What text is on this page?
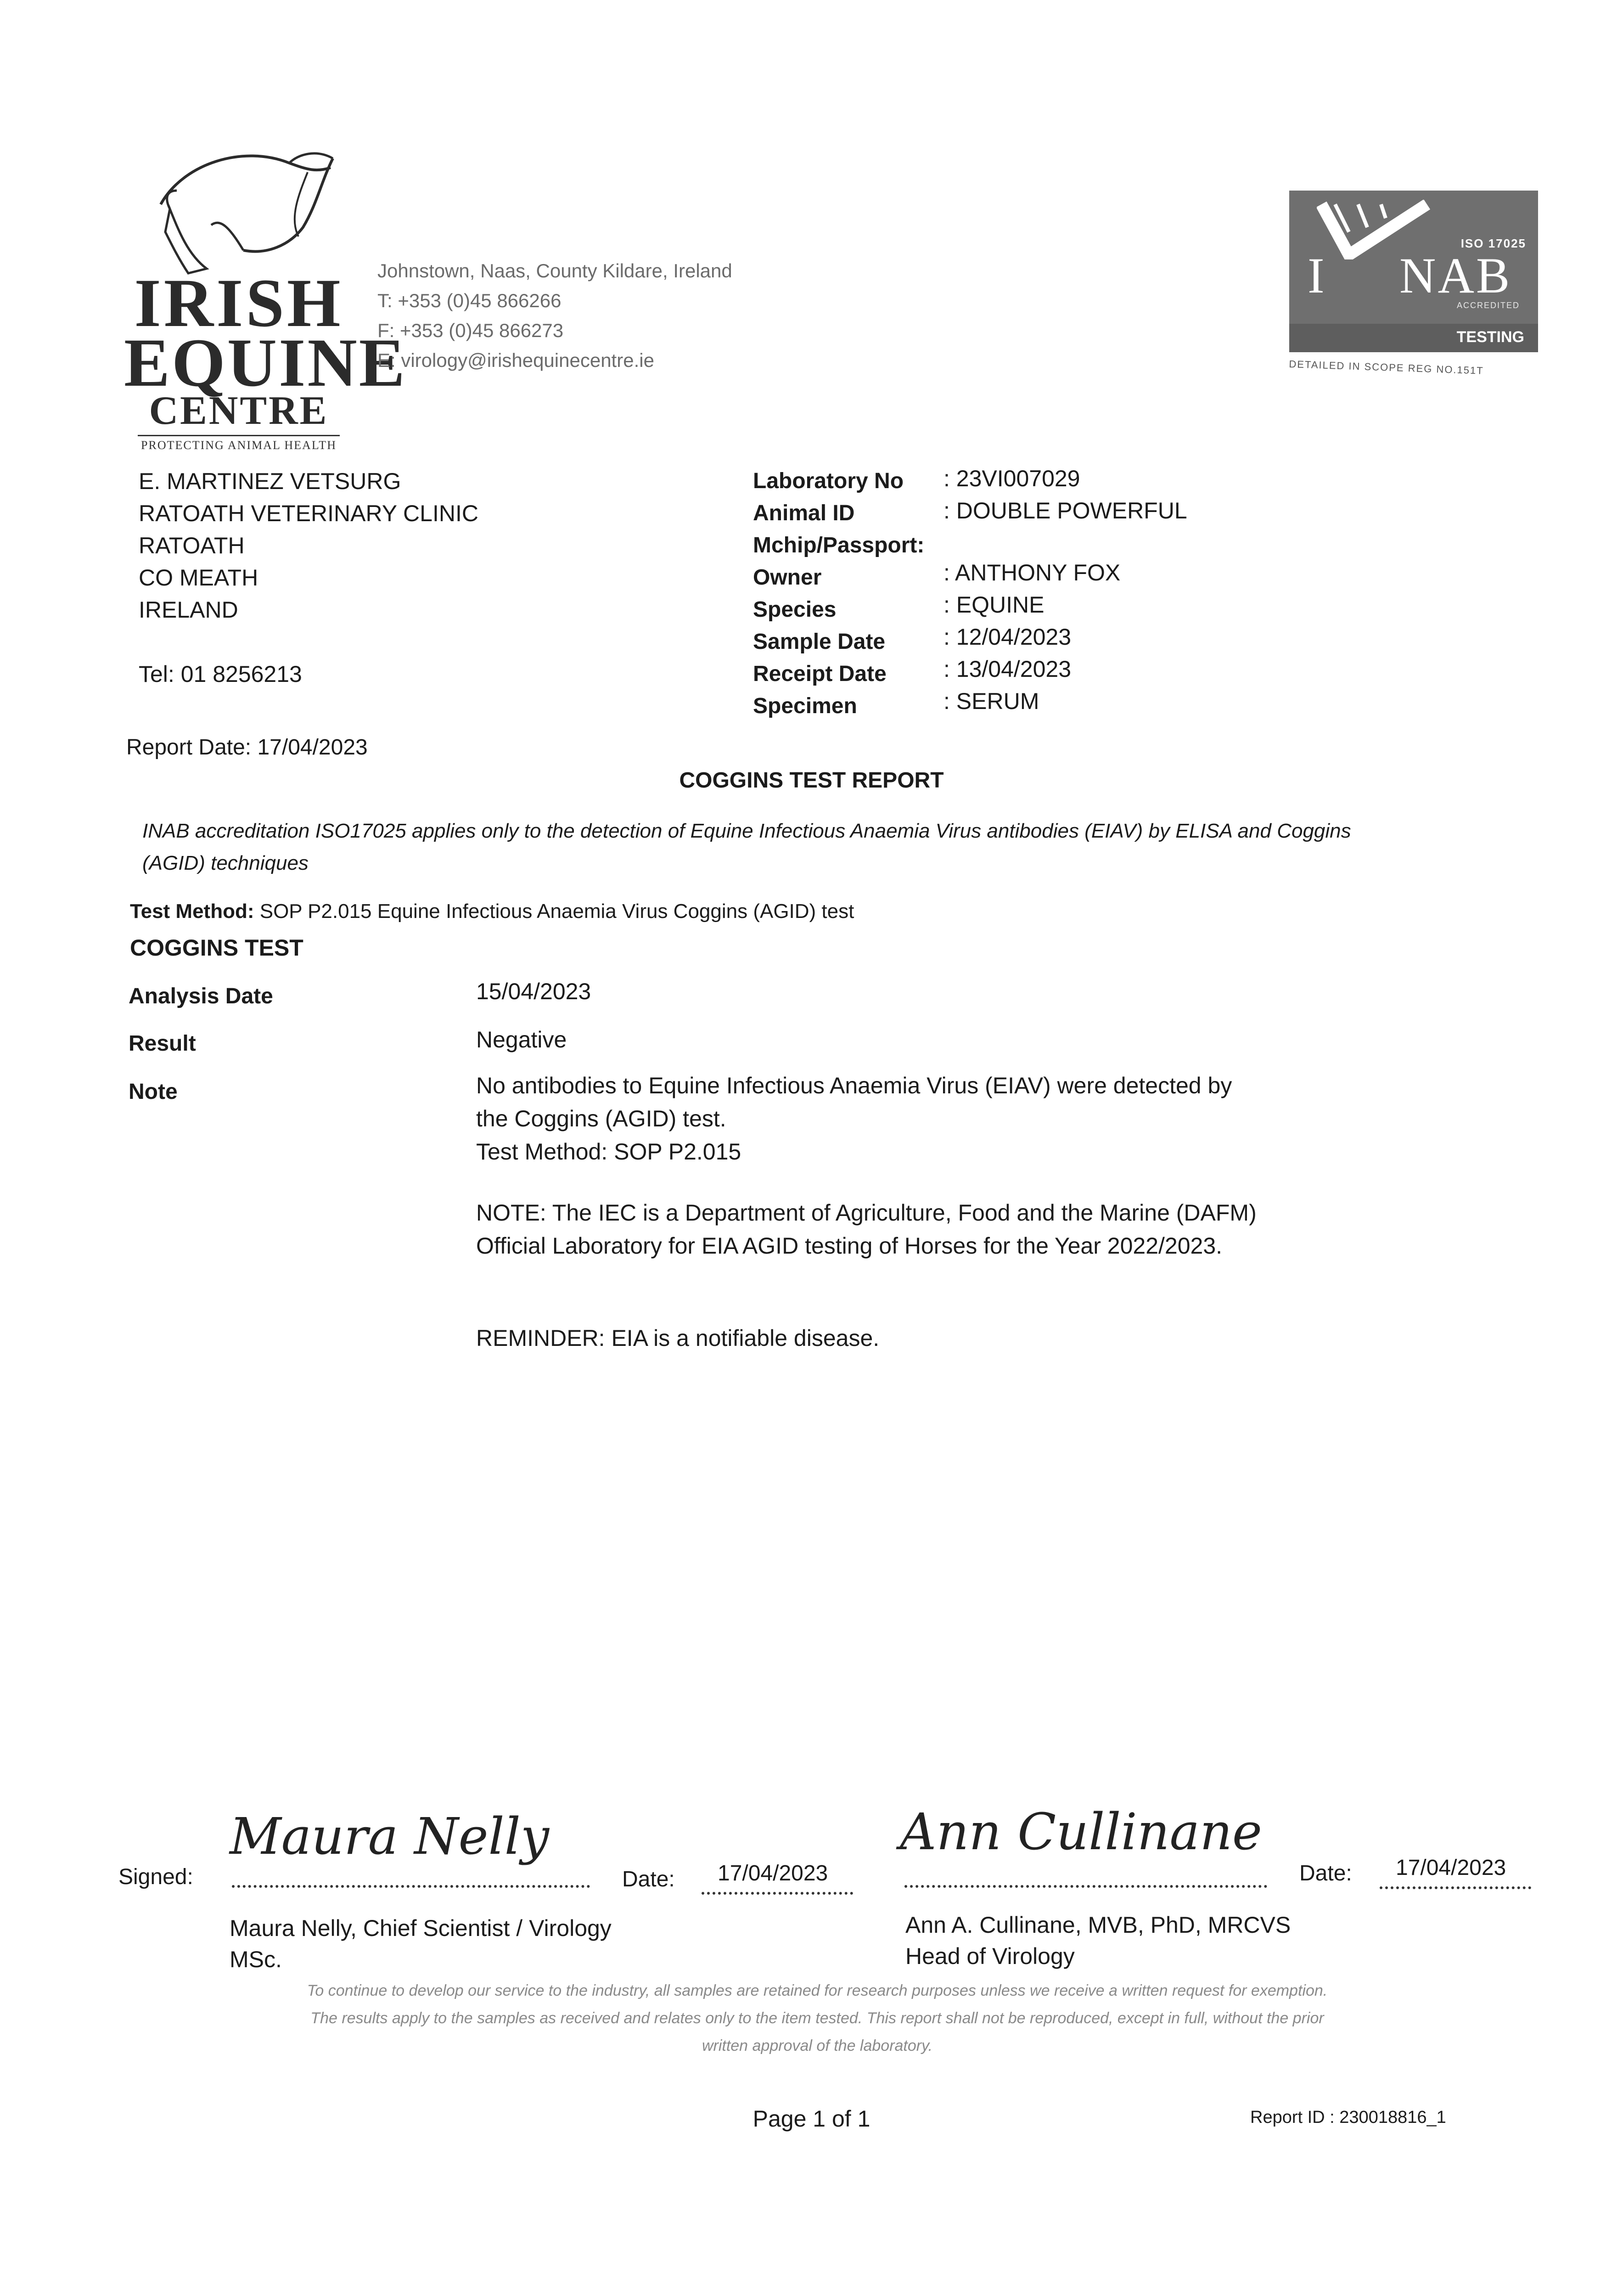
IRISH
EQUINE
CENTRE
PROTECTING ANIMAL HEALTH
Johnstown, Naas, County Kildare, Ireland
T: +353 (0)45 866266
F: +353 (0)45 866273
E: virology@irishequinecentre.ie
ISO 17025
I NAB
ACCREDITED
TESTING
DETAILED IN SCOPE REG NO.151T
E. MARTINEZ VETSURG
RATOATH VETERINARY CLINIC
RATOATH
CO MEATH
IRELAND
Tel: 01 8256213
Laboratory No : 23VI007029
Animal ID	: DOUBLE POWERFUL
Mchip/Passport:
Owner	: ANTHONY FOX
Species	: EQUINE
Sample Date	: 12/04/2023
Receipt Date : 13/04/2023
Specimen	: SERUM
Report Date: 17/04/2023
COGGINS TEST REPORT
INAB accreditation ISO17025 applies only to the detection of Equine Infectious Anaemia Virus antibodies (EIAV) by ELISA and Coggins (AGID) techniques
Test Method: SOP P2.015 Equine Infectious Anaemia Virus Coggins (AGID) test
COGGINS TEST
Analysis Date	15/04/2023
Result	Negative
Note	No antibodies to Equine Infectious Anaemia Virus (EIAV) were detected by
the Coggins (AGID) test.
Test Method: SOP P2.015
NOTE: The IEC is a Department of Agriculture, Food and the Marine (DAFM) Official Laboratory for EIA AGID testing of Horses for the Year 2022/2023.
REMINDER: EIA is a notifiable disease.
Signed:
Maura Nelly
Date: 17/04/2023
Ann Cullinane
Date: 17/04/2023
Maura Nelly, Chief Scientist / Virology
MSc.
Ann A. Cullinane, MVB, PhD, MRCVS
Head of Virology
To continue to develop our service to the industry, all samples are retained for research purposes unless we receive a written request for exemption.
The results apply to the samples as received and relates only to the item tested. This report shall not be reproduced, except in full, without the prior
written approval of the laboratory.
Page 1 of 1	Report ID : 230018816_1
